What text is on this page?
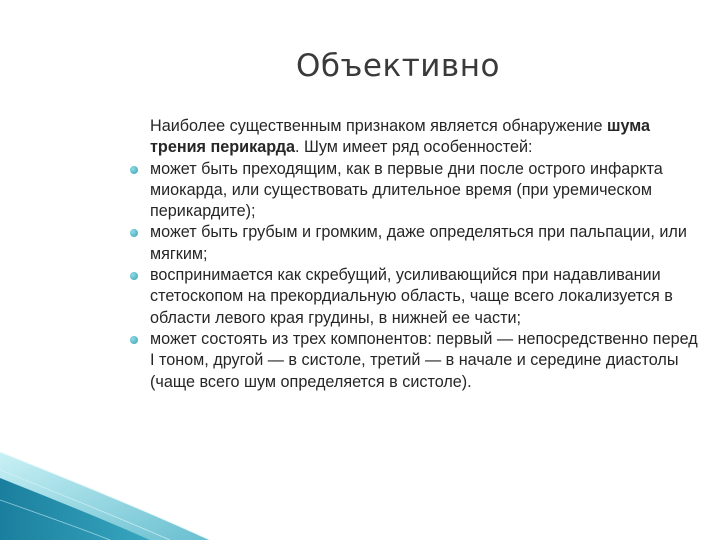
Объективно

Наиболее существенным признаком является обнаружение шума трения перикарда. Шум имеет ряд особенностей:

может быть преходящим, как в первые дни после острого инфаркта миокарда, или существовать длительное время (при уремическом перикардите);
может быть грубым и громким, даже определяться при пальпации, или мягким;
воспринимается как скребущий, усиливающийся при надавливании стетоскопом на прекордиальную область, чаще всего локализуется в области левого края грудины, в нижней ее части;
может состоять из трех компонентов: первый — непосредственно перед I тоном, другой — в систоле, третий — в начале и середине диастолы (чаще всего шум определяется в систоле).
